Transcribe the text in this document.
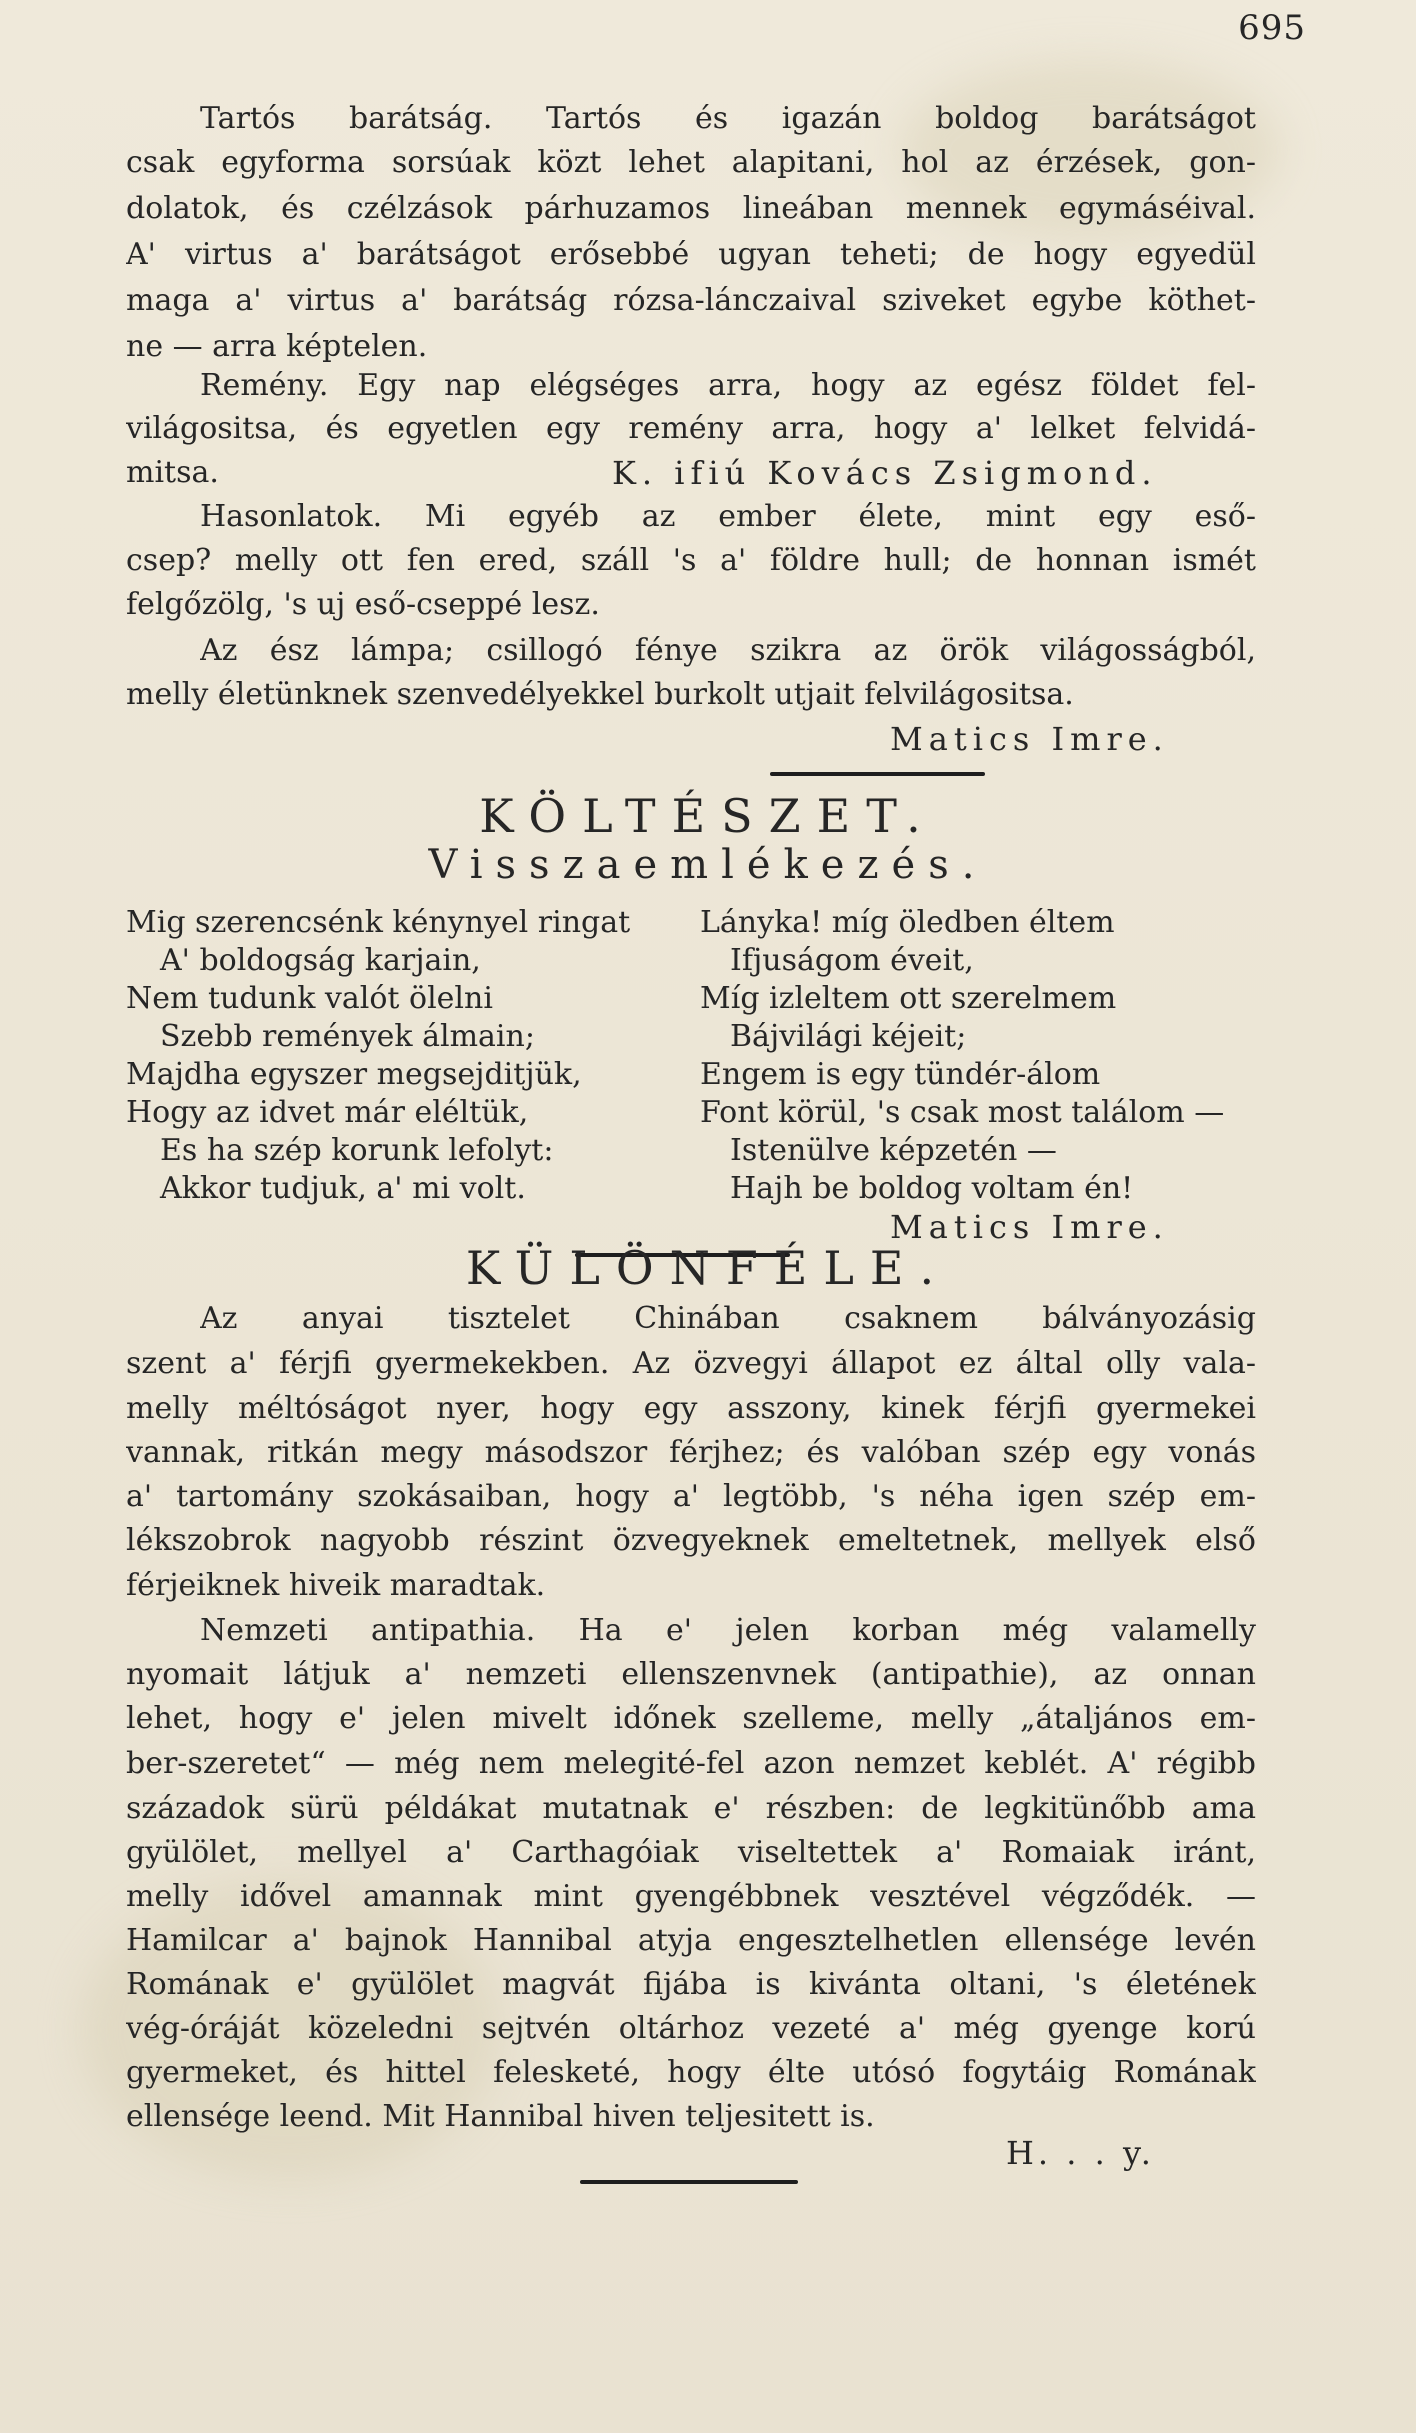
695
Tartós barátság. Tartós és igazán boldog barátságot
csak egyforma sorsúak közt lehet alapitani, hol az érzések, gon-
dolatok, és czélzások párhuzamos lineában mennek egymáséival.
A' virtus a' barátságot erősebbé ugyan teheti; de hogy egyedül
maga a' virtus a' barátság rózsa-lánczaival sziveket egybe köthet-
ne — arra képtelen.
Remény. Egy nap elégséges arra, hogy az egész földet fel-
világositsa, és egyetlen egy remény arra, hogy a' lelket felvidá-
mitsa.	K. ifiú Kovács Zsigmond.
Hasonlatok. Mi egyéb az ember élete, mint egy eső-
csep? melly ott fen ered, száll 's a' földre hull; de honnan ismét
felgőzölg, 's uj eső-cseppé lesz.
Az ész lámpa; csillogó fénye szikra az örök világosságból,
melly életünknek szenvedélyekkel burkolt utjait felvilágositsa.
Matics Imre.
KÖLTÉSZET.
Visszaemlékezés.
Mig szerencsénk kénynyel ringat
A' boldogság karjain,
Nem tudunk valót ölelni
Szebb remények álmain;
Majdha egyszer megsejditjük,
Hogy az idvet már eléltük,
Es ha szép korunk lefolyt:
Akkor tudjuk, a' mi volt.
Lányka! míg öledben éltem
Ifjuságom éveit,
Míg izleltem ott szerelmem
Bájvilági kéjeit;
Engem is egy tündér-álom
Font körül, 's csak most találom —
Istenülve képzetén —
Hajh be boldog voltam én!
Matics Imre.
KÜLÖNFÉLE.
Az anyai tisztelet Chinában csaknem bálványozásig
szent a' férjfi gyermekekben. Az özvegyi állapot ez által olly vala-
melly méltóságot nyer, hogy egy asszony, kinek férjfi gyermekei
vannak, ritkán megy másodszor férjhez; és valóban szép egy vonás
a' tartomány szokásaiban, hogy a' legtöbb, 's néha igen szép em-
lékszobrok nagyobb részint özvegyeknek emeltetnek, mellyek első
férjeiknek hiveik maradtak.
Nemzeti antipathia. Ha e' jelen korban még valamelly
nyomait látjuk a' nemzeti ellenszenvnek (antipathie), az onnan
lehet, hogy e' jelen mivelt időnek szelleme, melly „átaljános em-
ber-szeretet“ — még nem melegité-fel azon nemzet keblét. A' régibb
századok sürü példákat mutatnak e' részben: de legkitünőbb ama
gyülölet, mellyel a' Carthagóiak viseltettek a' Romaiak iránt,
melly idővel amannak mint gyengébbnek vesztével végződék. —
Hamilcar a' bajnok Hannibal atyja engesztelhetlen ellensége levén
Romának e' gyülölet magvát fijába is kivánta oltani, 's életének
vég-óráját közeledni sejtvén oltárhoz vezeté a' még gyenge korú
gyermeket, és hittel felesketé, hogy élte utósó fogytáig Romának
ellensége leend. Mit Hannibal hiven teljesitett is.
H. . . y.
